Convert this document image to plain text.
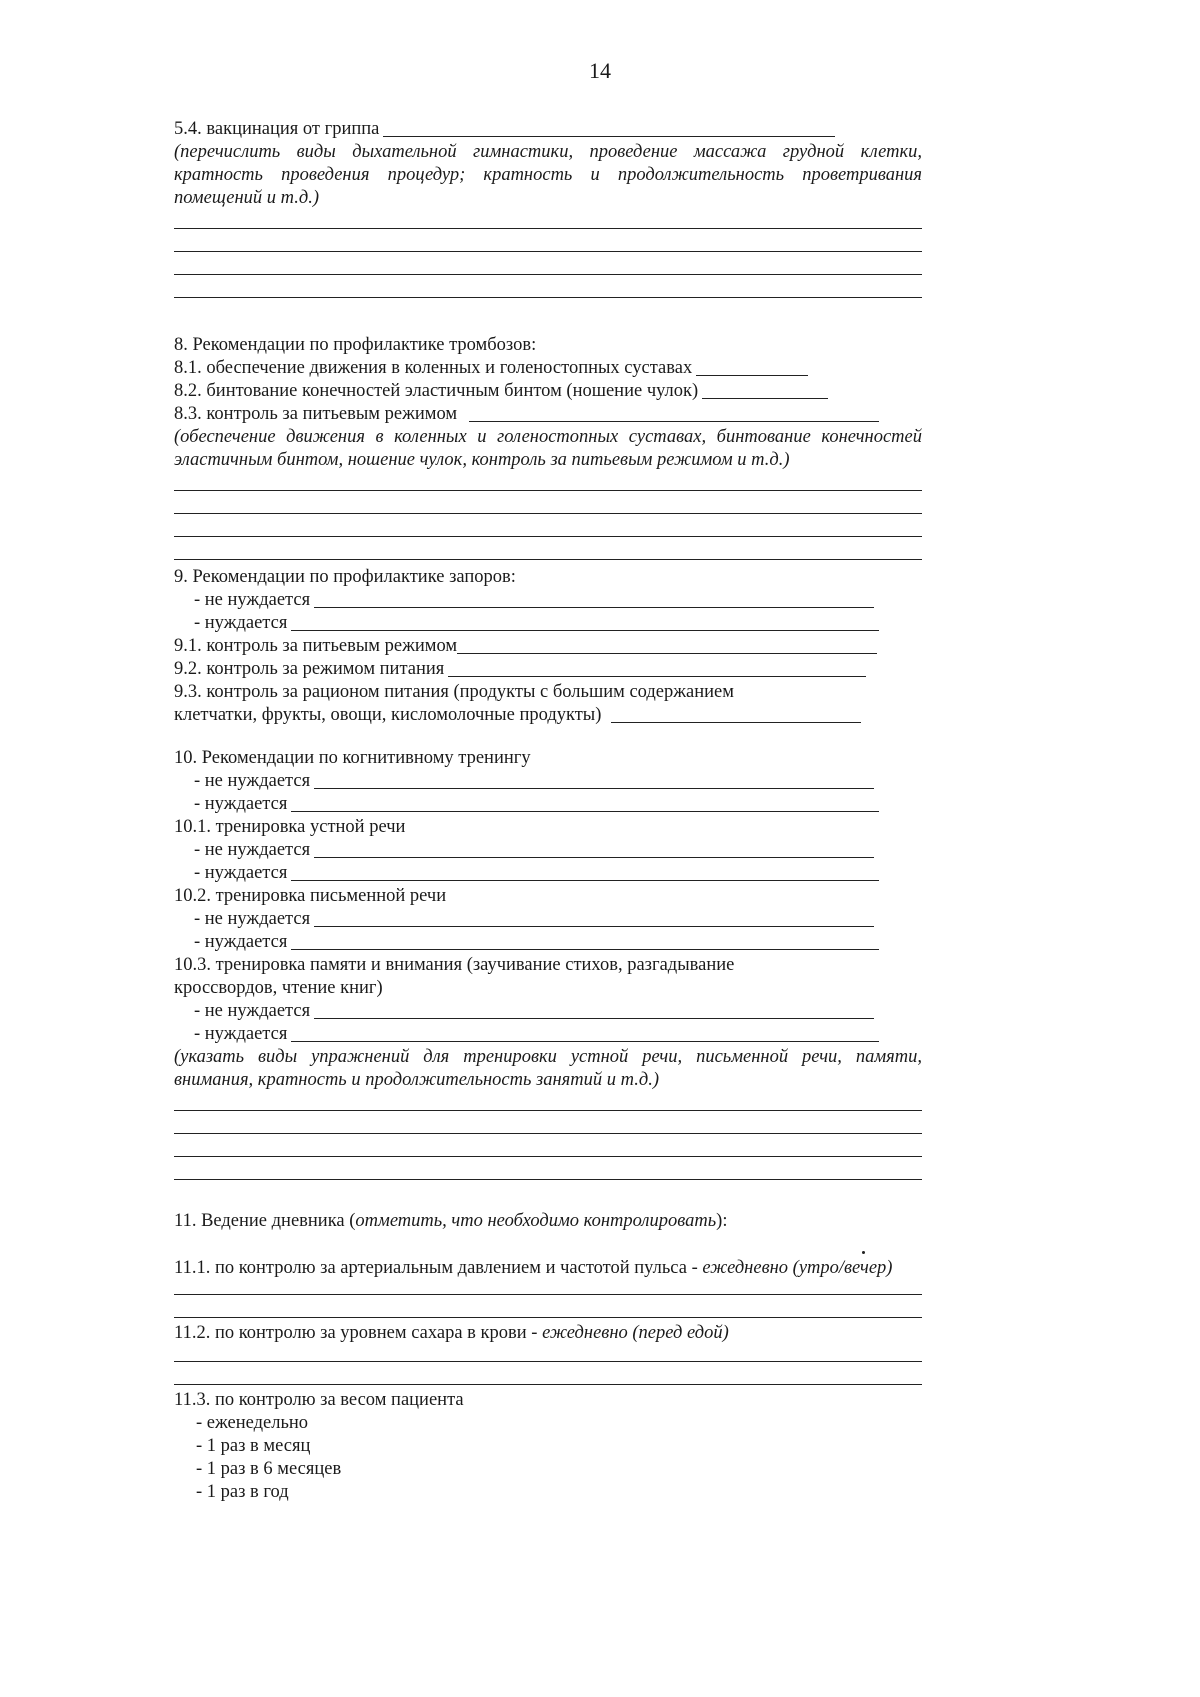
14
5.4. вакцинация от гриппа
(перечислить виды дыхательной гимнастики, проведение массажа грудной клетки, кратность проведения процедур; кратность и продолжительность проветривания помещений и т.д.)
8. Рекомендации по профилактике тромбозов:
8.1. обеспечение движения в коленных и голеностопных суставах
8.2. бинтование конечностей эластичным бинтом (ношение чулок)
8.3. контроль за питьевым режимом
(обеспечение движения в коленных и голеностопных суставах, бинтование конечностей эластичным бинтом, ношение чулок, контроль за питьевым режимом и т.д.)
9. Рекомендации по профилактике запоров:
- не нуждается
- нуждается
9.1. контроль за питьевым режимом
9.2. контроль за режимом питания
9.3. контроль за рационом питания (продукты с большим содержанием
клетчатки, фрукты, овощи, кисломолочные продукты)
10. Рекомендации по когнитивному тренингу
- не нуждается
- нуждается
10.1. тренировка устной речи
- не нуждается
- нуждается
10.2. тренировка письменной речи
- не нуждается
- нуждается
10.3. тренировка памяти и внимания (заучивание стихов, разгадывание
кроссвордов, чтение книг)
- не нуждается
- нуждается
(указать виды упражнений для тренировки устной речи, письменной речи, памяти, внимания, кратность и продолжительность занятий и т.д.)
11. Ведение дневника (отметить, что необходимо контролировать):
11.1. по контролю за артериальным давлением и частотой пульса - ежедневно (утро/вечер)
11.2. по контролю за уровнем сахара в крови - ежедневно (перед едой)
11.3. по контролю за весом пациента
- еженедельно
- 1 раз в месяц
- 1 раз в 6 месяцев
- 1 раз в год
